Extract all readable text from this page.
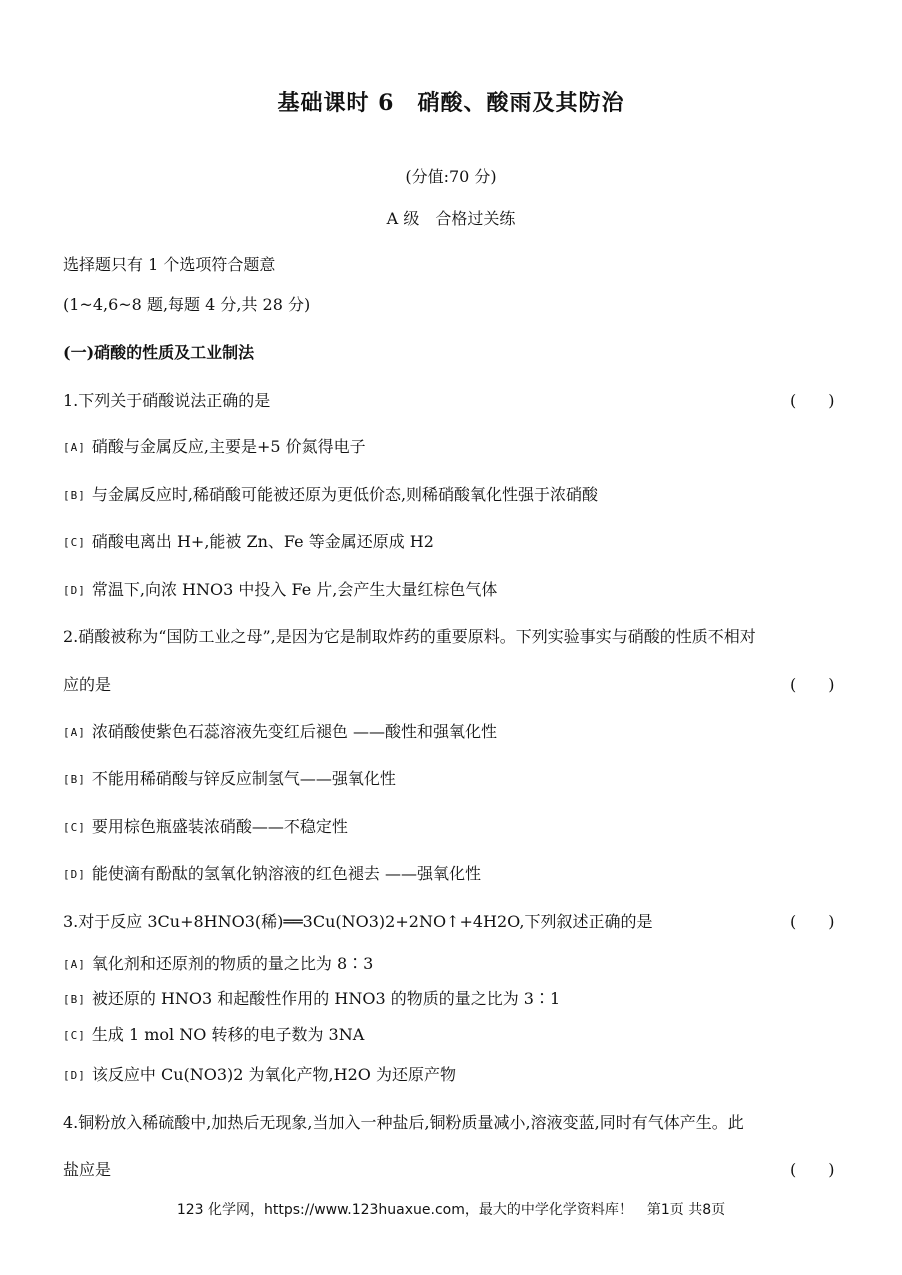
基础课时 6　硝酸、酸雨及其防治
(分值:70 分)
A 级　合格过关练
选择题只有 1 个选项符合题意
(1~4,6~8 题,每题 4 分,共 28 分)
(一)硝酸的性质及工业制法
1.下列关于硝酸说法正确的是	(　　)
[A] 硝酸与金属反应,主要是+5 价氮得电子
[B] 与金属反应时,稀硝酸可能被还原为更低价态,则稀硝酸氧化性强于浓硝酸
[C] 硝酸电离出 H+,能被 Zn、Fe 等金属还原成 H2
[D] 常温下,向浓 HNO3 中投入 Fe 片,会产生大量红棕色气体
2.硝酸被称为“国防工业之母”,是因为它是制取炸药的重要原料。下列实验事实与硝酸的性质不相对
应的是	(　　)
[A] 浓硝酸使紫色石蕊溶液先变红后褪色 ——酸性和强氧化性
[B] 不能用稀硝酸与锌反应制氢气——强氧化性
[C] 要用棕色瓶盛装浓硝酸——不稳定性
[D] 能使滴有酚酞的氢氧化钠溶液的红色褪去 ——强氧化性
3.对于反应 3Cu+8HNO3(稀)══3Cu(NO3)2+2NO↑+4H2O,下列叙述正确的是	(　　)
[A] 氧化剂和还原剂的物质的量之比为 8∶3
[B] 被还原的 HNO3 和起酸性作用的 HNO3 的物质的量之比为 3∶1
[C] 生成 1 mol NO 转移的电子数为 3NA
[D] 该反应中 Cu(NO3)2 为氧化产物,H2O 为还原产物
4.铜粉放入稀硫酸中,加热后无现象,当加入一种盐后,铜粉质量减小,溶液变蓝,同时有气体产生。此
盐应是	(　　)
123 化学网，https://www.123huaxue.com，最大的中学化学资料库！　第1页 共8页
